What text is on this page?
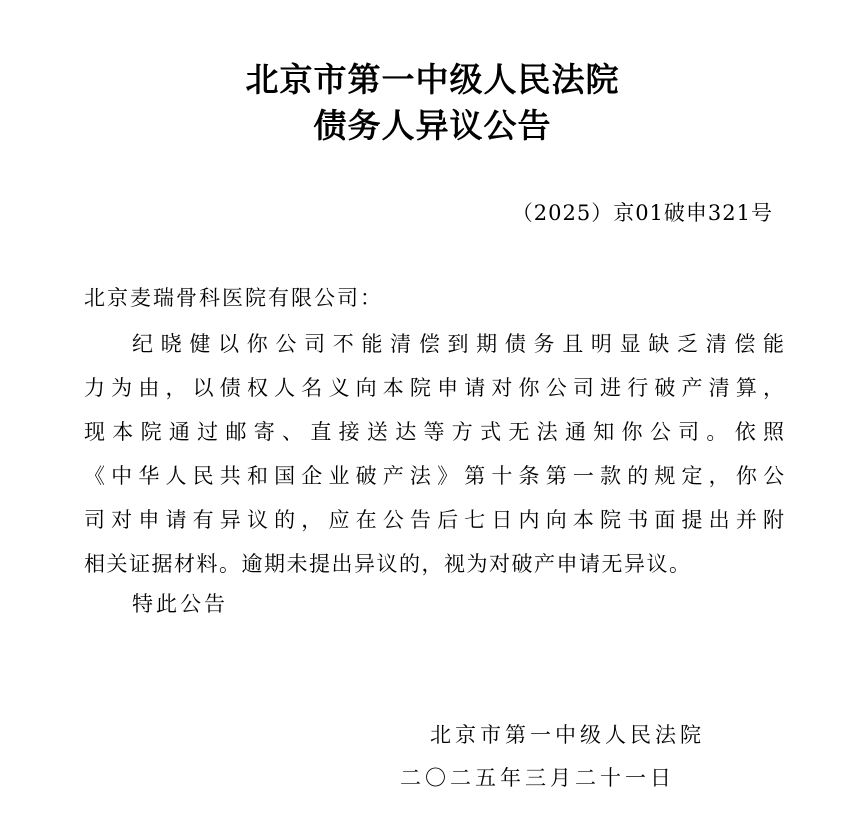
北京市第一中级人民法院
债务人异议公告
（2025）京01破申321号
北京麦瑞骨科医院有限公司：
纪晓健以你公司不能清偿到期债务且明显缺乏清偿能
力为由，以债权人名义向本院申请对你公司进行破产清算，
现本院通过邮寄、直接送达等方式无法通知你公司。依照
《中华人民共和国企业破产法》第十条第一款的规定，你公
司对申请有异议的，应在公告后七日内向本院书面提出并附
相关证据材料。逾期未提出异议的，视为对破产申请无异议。
特此公告
北京市第一中级人民法院
二〇二五年三月二十一日
